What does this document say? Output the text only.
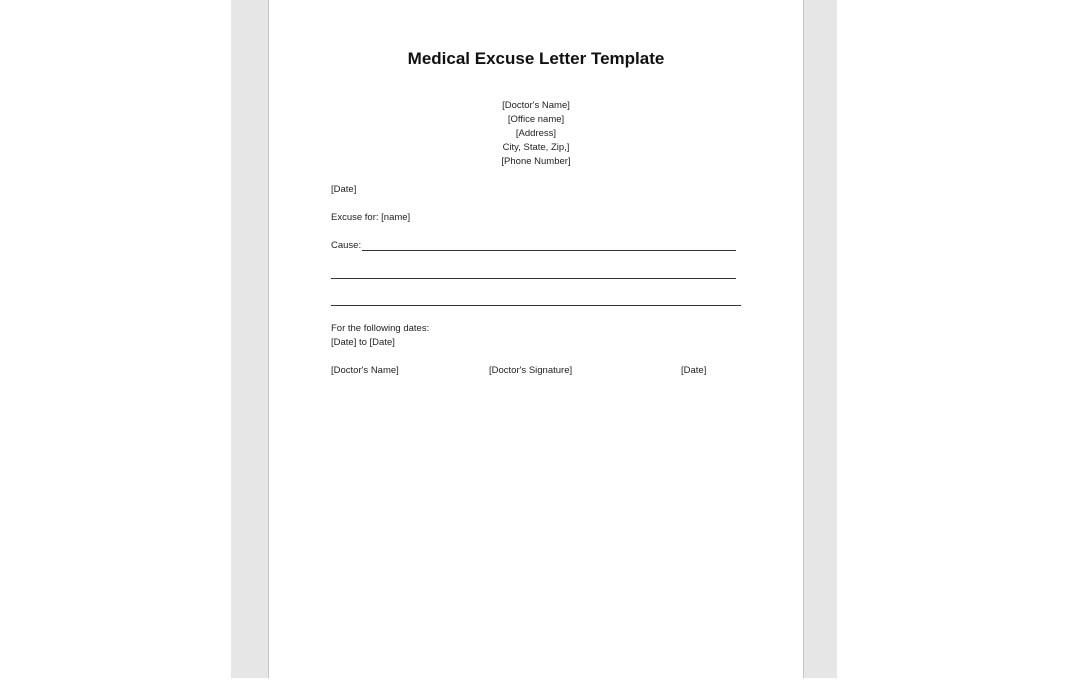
Medical Excuse Letter Template
[Doctor's Name]
[Office name]
[Address]
City, State, Zip,]
[Phone Number]
[Date]
Excuse for: [name]
Cause:
For the following dates:
[Date] to [Date]
[Doctor's Name]	[Doctor's Signature]	[Date]
